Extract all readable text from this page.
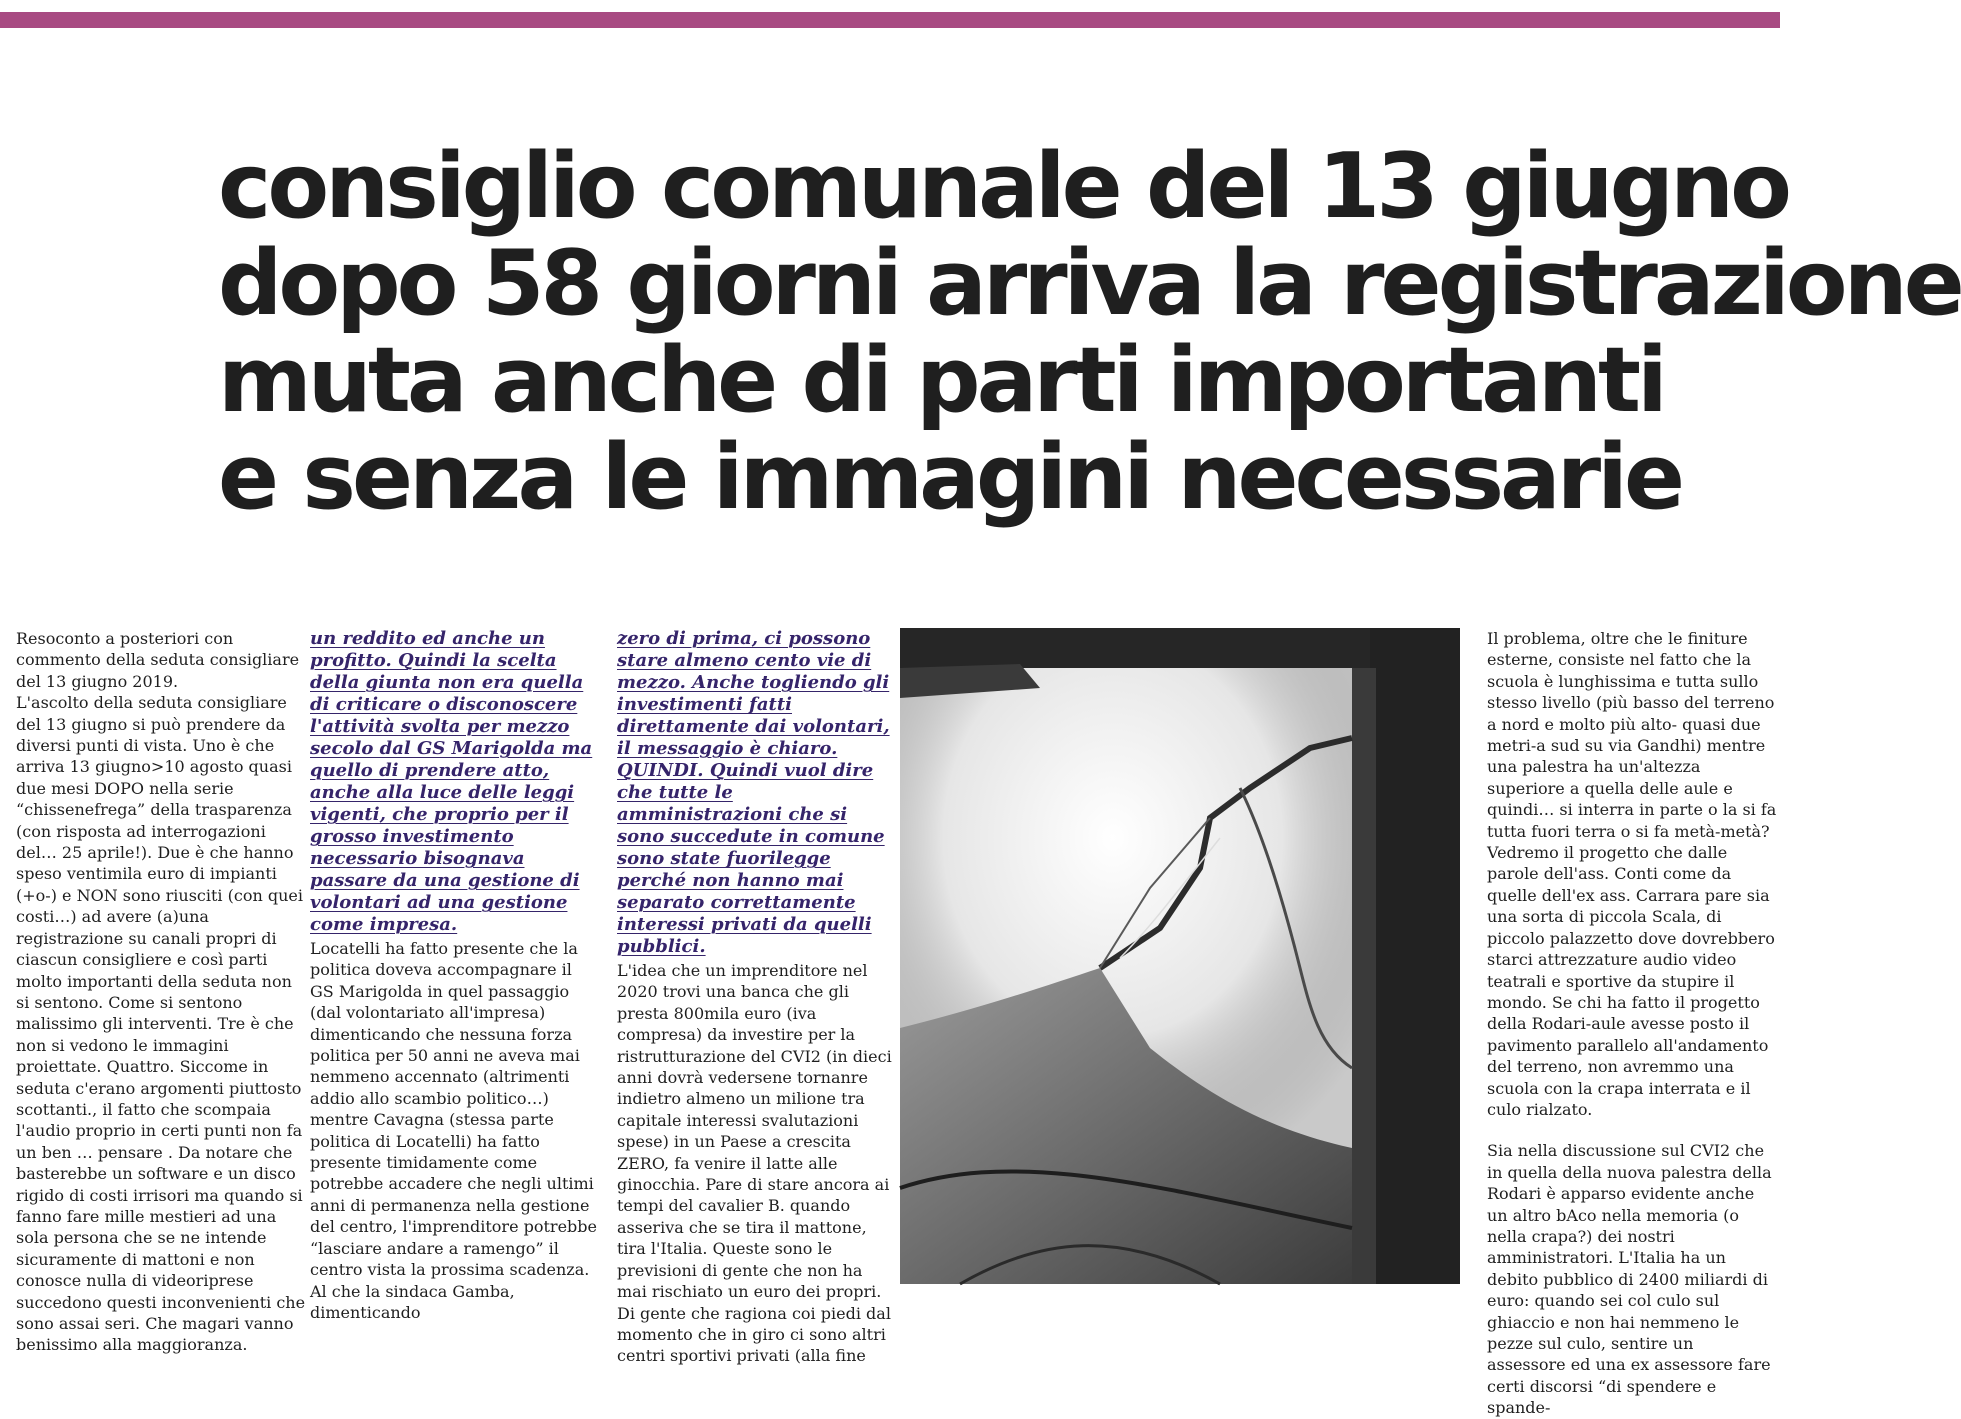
consiglio comunale del 13 giugno
dopo 58 giorni arriva la registrazione
muta anche di parti importanti
e senza le immagini necessarie

Resoconto a posteriori con commento della seduta consigliare del 13 giugno 2019.

L'ascolto della seduta consigliare del 13 giugno si può prendere da diversi punti di vista. Uno è che arriva 13 giugno>10 agosto quasi due mesi DOPO nella serie “chissenefrega” della trasparenza (con risposta ad interrogazioni del… 25 aprile!). Due è che hanno speso ventimila euro di impianti (+o-) e NON sono riusciti (con quei costi…) ad avere (a)una registrazione su canali propri di ciascun consigliere e così parti molto importanti della seduta non si sentono. Come si sentono malissimo gli interventi. Tre è che non si vedono le immagini proiettate. Quattro. Siccome in seduta c'erano argomenti piuttosto scottanti., il fatto che scompaia l'audio proprio in certi punti non fa un ben … pensare . Da notare che basterebbe un software e un disco rigido di costi irrisori ma quando si fanno fare mille mestieri ad una sola persona che se ne intende sicuramente di mattoni e non conosce nulla di videoriprese succedono questi inconvenienti che sono assai seri. Che magari vanno benissimo alla maggioranza.

un reddito ed anche un profitto. Quindi la scelta della giunta non era quella di criticare o disconoscere l'attività svolta per mezzo secolo dal GS Marigolda ma quello di prendere atto, anche alla luce delle leggi vigenti, che proprio per il grosso investimento necessario bisognava passare da una gestione di volontari ad una gestione come impresa.

Locatelli ha fatto presente che la politica doveva accompagnare il GS Marigolda in quel passaggio (dal volontariato all'impresa) dimenticando che nessuna forza politica per 50 anni ne aveva mai nemmeno accennato (altrimenti addio allo scambio politico…) mentre Cavagna (stessa parte politica di Locatelli) ha fatto presente timidamente come potrebbe accadere che negli ultimi anni di permanenza nella gestione del centro, l'imprenditore potrebbe “lasciare andare a ramengo” il centro vista la prossima scadenza. Al che la sindaca Gamba, dimenticando

zero di prima, ci possono stare almeno cento vie di mezzo. Anche togliendo gli investimenti fatti direttamente dai volontari, il messaggio è chiaro. QUINDI. Quindi vuol dire che tutte le amministrazioni che si sono succedute in comune sono state fuorilegge perché non hanno mai separato correttamente interessi privati da quelli pubblici.

L'idea che un imprenditore nel 2020 trovi una banca che gli presta 800mila euro (iva compresa) da investire per la ristrutturazione del CVI2 (in dieci anni dovrà vedersene tornanre indietro almeno un milione tra capitale interessi svalutazioni spese) in un Paese a crescita ZERO, fa venire il latte alle ginocchia. Pare di stare ancora ai tempi del cavalier B. quando asseriva che se tira il mattone, tira l'Italia. Queste sono le previsioni di gente che non ha mai rischiato un euro dei propri. Di gente che ragiona coi piedi dal momento che in giro ci sono altri centri sportivi privati (alla fine

Il problema, oltre che le finiture esterne, consiste nel fatto che la scuola è lunghissima e tutta sullo stesso livello (più basso del terreno a nord e molto più alto- quasi due metri-a sud su via Gandhi) mentre una palestra ha un'altezza superiore a quella delle aule e quindi… si interra in parte o la si fa tutta fuori terra o si fa metà-metà? Vedremo il progetto che dalle parole dell'ass. Conti come da quelle dell'ex ass. Carrara pare sia una sorta di piccola Scala, di piccolo palazzetto dove dovrebbero starci attrezzature audio video teatrali e sportive da stupire il mondo. Se chi ha fatto il progetto della Rodari-aule avesse posto il pavimento parallelo all'andamento del terreno, non avremmo una scuola con la crapa interrata e il culo rialzato.

Sia nella discussione sul CVI2 che in quella della nuova palestra della Rodari è apparso evidente anche un altro bAco nella memoria (o nella crapa?) dei nostri amministratori. L'Italia ha un debito pubblico di 2400 miliardi di euro: quando sei col culo sul ghiaccio e non hai nemmeno le pezze sul culo, sentire un assessore ed una ex assessore fare certi discorsi “di spendere e spande-
